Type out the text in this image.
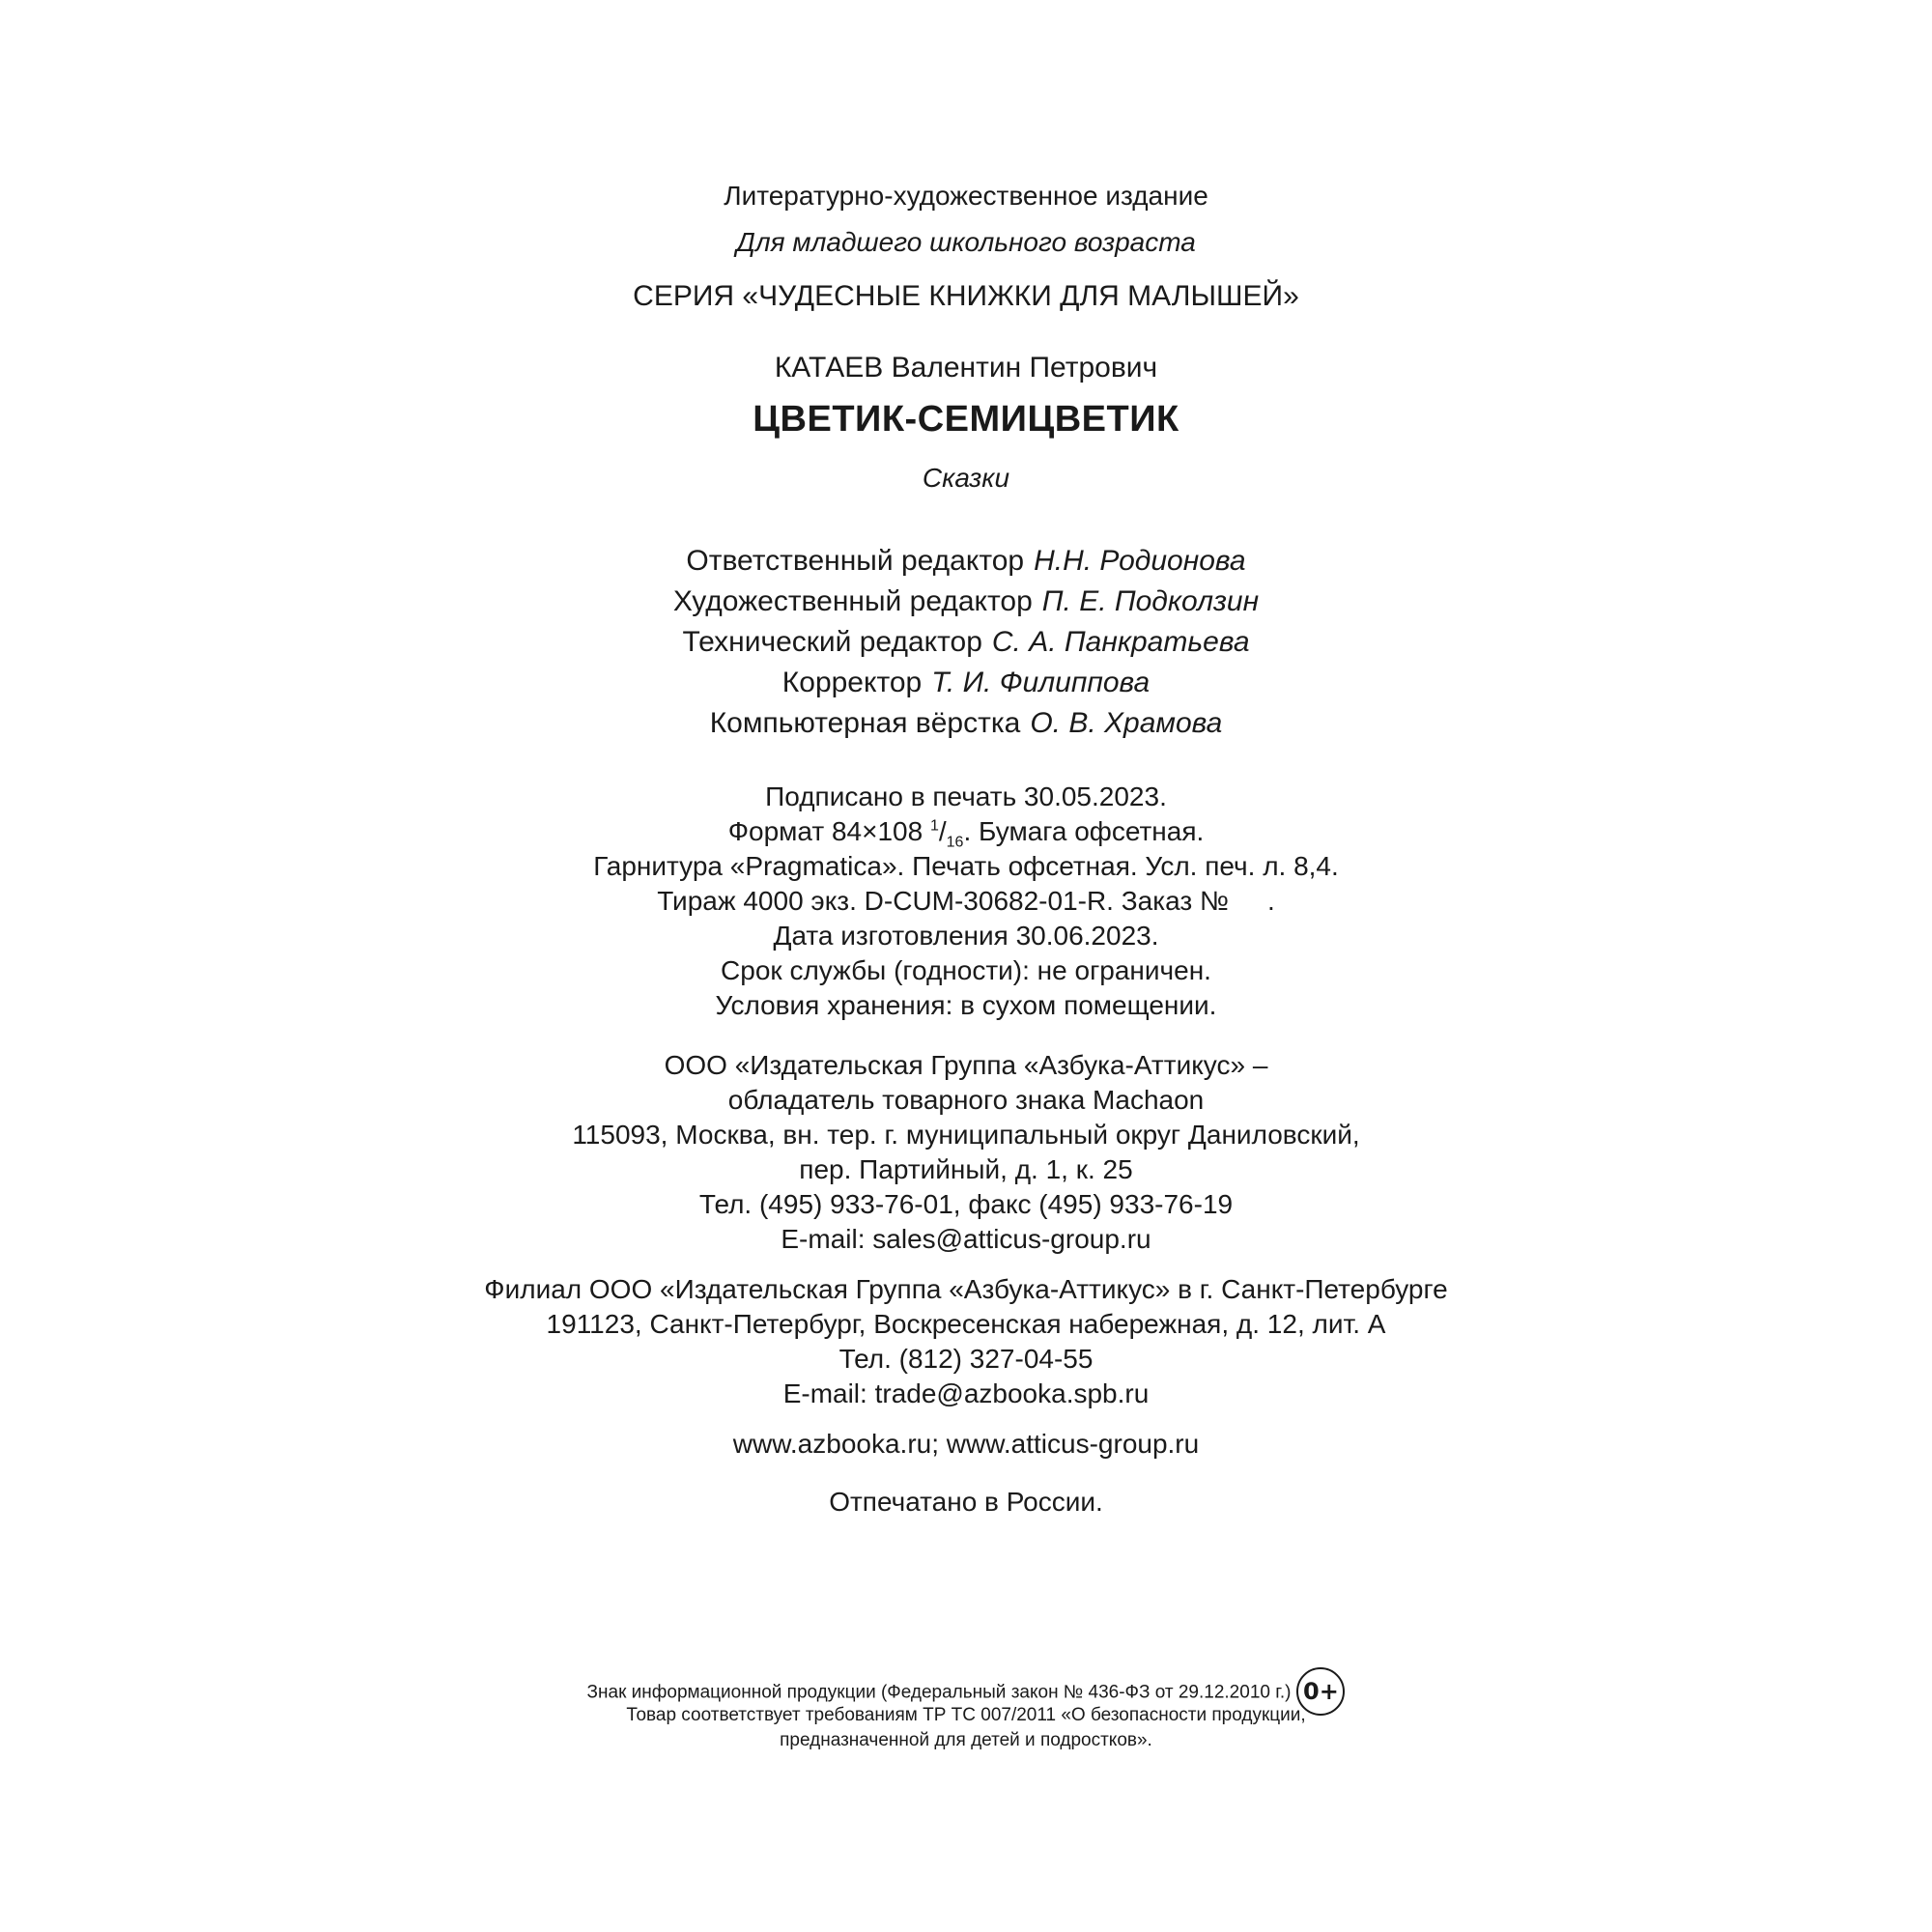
Литературно-художественное издание
Для младшего школьного возраста
СЕРИЯ «ЧУДЕСНЫЕ КНИЖКИ ДЛЯ МАЛЫШЕЙ»
КАТАЕВ Валентин Петрович
ЦВЕТИК-СЕМИЦВЕТИК
Сказки
Ответственный редактор Н.Н. Родионова
Художественный редактор П. Е. Подколзин
Технический редактор С. А. Панкратьева
Корректор Т. И. Филиппова
Компьютерная вёрстка О. В. Храмова
Подписано в печать 30.05.2023.
Формат 84×108 $^1/_{16}$. Бумага офсетная.
Гарнитура «Pragmatica». Печать офсетная. Усл. печ. л. 8,4.
Тираж 4000 экз. D-CUM-30682-01-R. Заказ № .
Дата изготовления 30.06.2023.
Срок службы (годности): не ограничен.
Условия хранения: в сухом помещении.
ООО «Издательская Группа «Азбука-Аттикус» –
обладатель товарного знака Machaon
115093, Москва, вн. тер. г. муниципальный округ Даниловский,
пер. Партийный, д. 1, к. 25
Тел. (495) 933-76-01, факс (495) 933-76-19
E-mail: sales@atticus-group.ru
Филиал ООО «Издательская Группа «Азбука-Аттикус» в г. Санкт-Петербурге
191123, Санкт-Петербург, Воскресенская набережная, д. 12, лит. А
Тел. (812) 327-04-55
E-mail: trade@azbooka.spb.ru
www.azbooka.ru; www.atticus-group.ru
Отпечатано в России.
Знак информационной продукции (Федеральный закон № 436-ФЗ от 29.12.2010 г.) 0+
Товар соответствует требованиям ТР ТС 007/2011 «О безопасности продукции,
предназначенной для детей и подростков».
